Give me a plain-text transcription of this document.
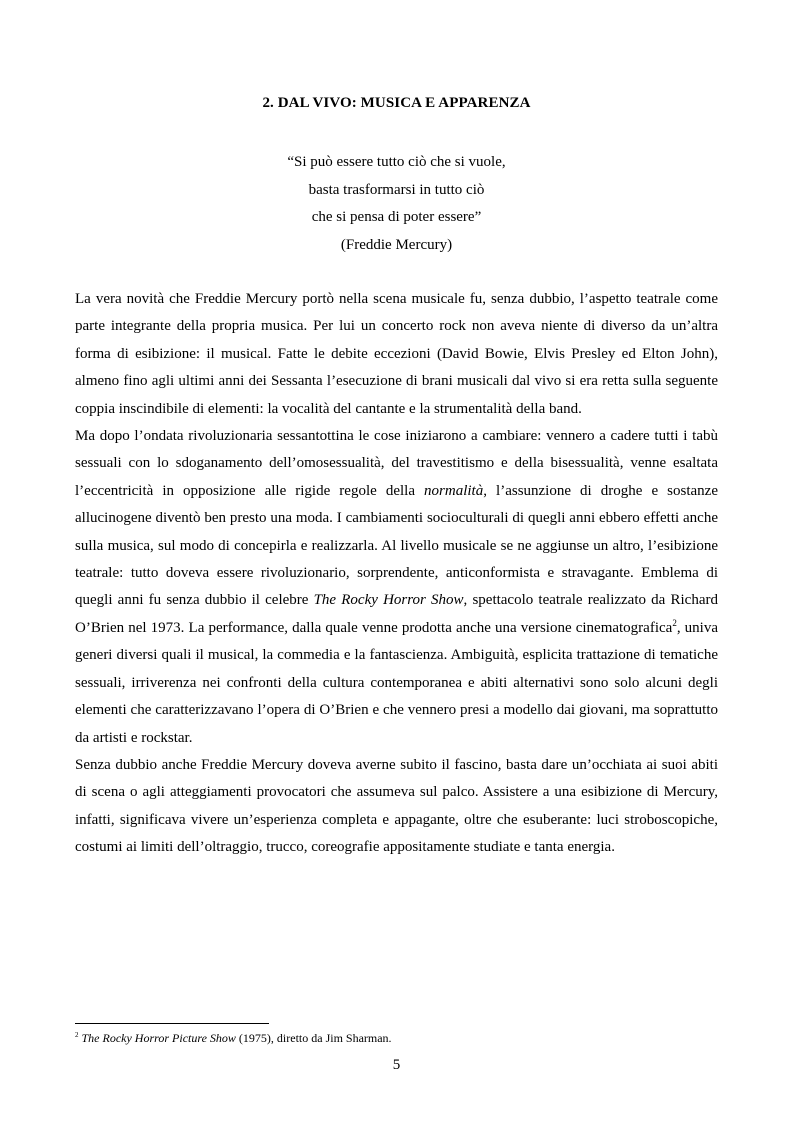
2. DAL VIVO: MUSICA E APPARENZA
“Si può essere tutto ciò che si vuole,
basta trasformarsi in tutto ciò
che si pensa di poter essere”
(Freddie Mercury)

La vera novità che Freddie Mercury portò nella scena musicale fu, senza dubbio, l’aspetto teatrale come parte integrante della propria musica. Per lui un concerto rock non aveva niente di diverso da un’altra forma di esibizione: il musical. Fatte le debite eccezioni (David Bowie, Elvis Presley ed Elton John), almeno fino agli ultimi anni dei Sessanta l’esecuzione di brani musicali dal vivo si era retta sulla seguente coppia inscindibile di elementi: la vocalità del cantante e la strumentalità della band.

Ma dopo l’ondata rivoluzionaria sessantottina le cose iniziarono a cambiare: vennero a cadere tutti i tabù sessuali con lo sdoganamento dell’omosessualità, del travestitismo e della bisessualità, venne esaltata l’eccentricità in opposizione alle rigide regole della normalità, l’assunzione di droghe e sostanze allucinogene diventò ben presto una moda. I cambiamenti socioculturali di quegli anni ebbero effetti anche sulla musica, sul modo di concepirla e realizzarla. Al livello musicale se ne aggiunse un altro, l’esibizione teatrale: tutto doveva essere rivoluzionario, sorprendente, anticonformista e stravagante. Emblema di quegli anni fu senza dubbio il celebre The Rocky Horror Show, spettacolo teatrale realizzato da Richard O’Brien nel 1973. La performance, dalla quale venne prodotta anche una versione cinematografica$^2$, univa generi diversi quali il musical, la commedia e la fantascienza. Ambiguità, esplicita trattazione di tematiche sessuali, irriverenza nei confronti della cultura contemporanea e abiti alternativi sono solo alcuni degli elementi che caratterizzavano l’opera di O’Brien e che vennero presi a modello dai giovani, ma soprattutto da artisti e rockstar.

Senza dubbio anche Freddie Mercury doveva averne subito il fascino, basta dare un’occhiata ai suoi abiti di scena o agli atteggiamenti provocatori che assumeva sul palco. Assistere a una esibizione di Mercury, infatti, significava vivere un’esperienza completa e appagante, oltre che esuberante: luci stroboscopiche, costumi ai limiti dell’oltraggio, trucco, coreografie appositamente studiate e tanta energia.

$^2$ The Rocky Horror Picture Show (1975), diretto da Jim Sharman.
5
